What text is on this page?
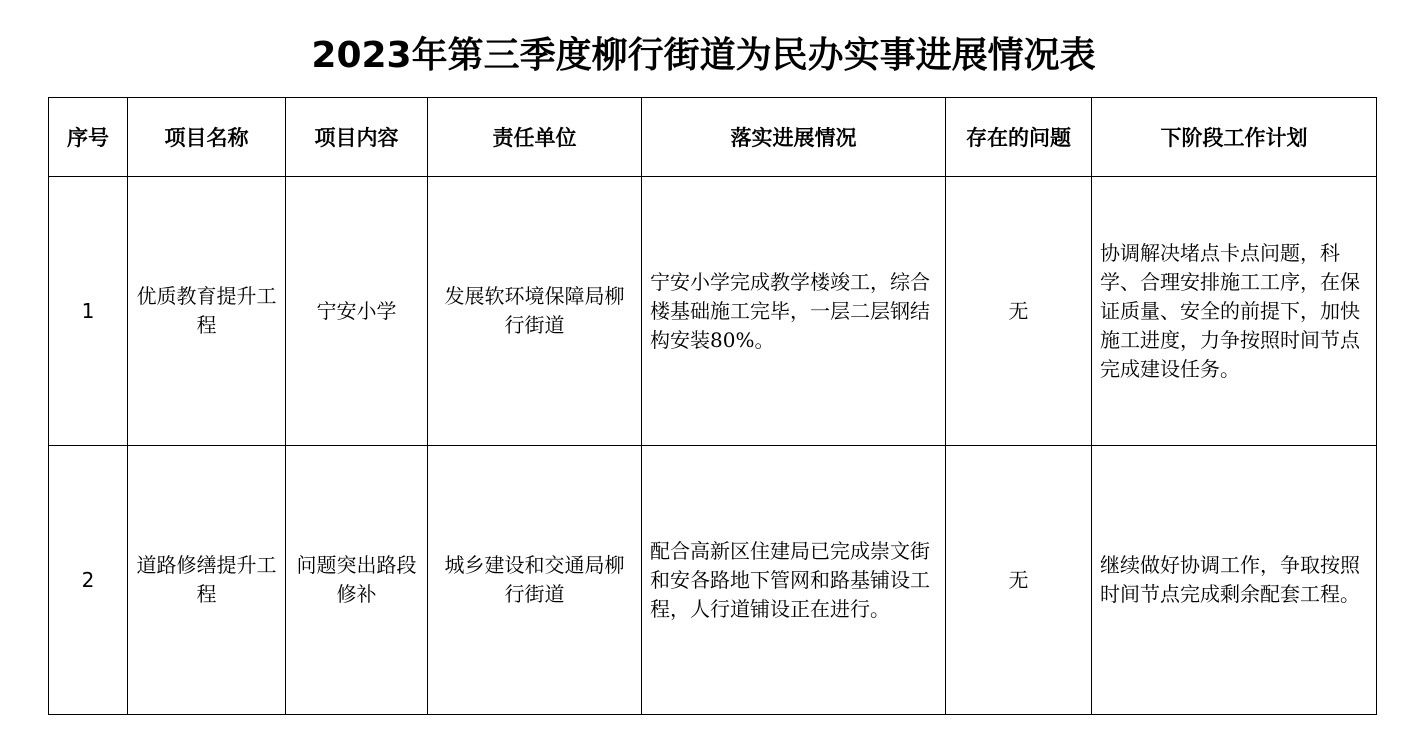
2023年第三季度柳行街道为民办实事进展情况表
序号	项目名称	项目内容	责任单位	落实进展情况	存在的问题	下阶段工作计划
1	优质教育提升工程	宁安小学	发展软环境保障局柳行街道	宁安小学完成教学楼竣工，综合楼基础施工完毕，一层二层钢结构安装80%。	无	协调解决堵点卡点问题，科学、合理安排施工工序，在保证质量、安全的前提下，加快施工进度，力争按照时间节点完成建设任务。
2	道路修缮提升工程	问题突出路段修补	城乡建设和交通局柳行街道	配合高新区住建局已完成崇文街和安各路地下管网和路基铺设工程，人行道铺设正在进行。	无	继续做好协调工作，争取按照时间节点完成剩余配套工程。
